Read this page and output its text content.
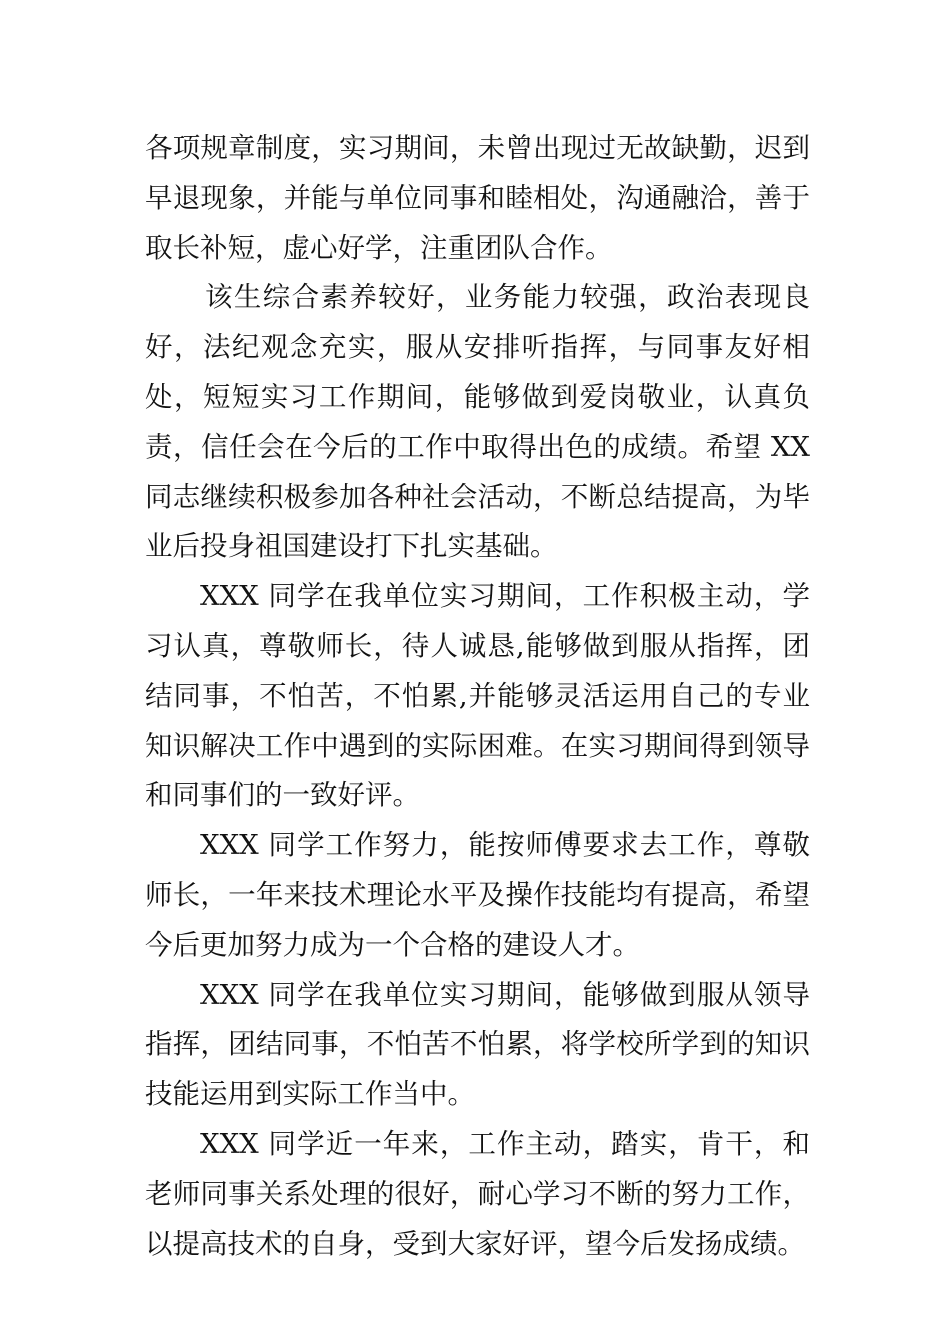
各项规章制度，实习期间，未曾出现过无故缺勤，迟到早退现象，并能与单位同事和睦相处，沟通融洽，善于取长补短，虚心好学，注重团队合作。

该生综合素养较好，业务能力较强，政治表现良好，法纪观念充实，服从安排听指挥，与同事友好相处，短短实习工作期间，能够做到爱岗敬业，认真负责，信任会在今后的工作中取得出色的成绩。希望 XX 同志继续积极参加各种社会活动，不断总结提高，为毕业后投身祖国建设打下扎实基础。

XXX 同学在我单位实习期间，工作积极主动，学习认真，尊敬师长，待人诚恳,能够做到服从指挥，团结同事，不怕苦，不怕累,并能够灵活运用自己的专业知识解决工作中遇到的实际困难。在实习期间得到领导和同事们的一致好评。

XXX 同学工作努力，能按师傅要求去工作，尊敬师长，一年来技术理论水平及操作技能均有提高，希望今后更加努力成为一个合格的建设人才。

XXX 同学在我单位实习期间，能够做到服从领导指挥，团结同事，不怕苦不怕累，将学校所学到的知识技能运用到实际工作当中。

XXX 同学近一年来，工作主动，踏实，肯干，和老师同事关系处理的很好，耐心学习不断的努力工作，以提高技术的自身，受到大家好评，望今后发扬成绩。
